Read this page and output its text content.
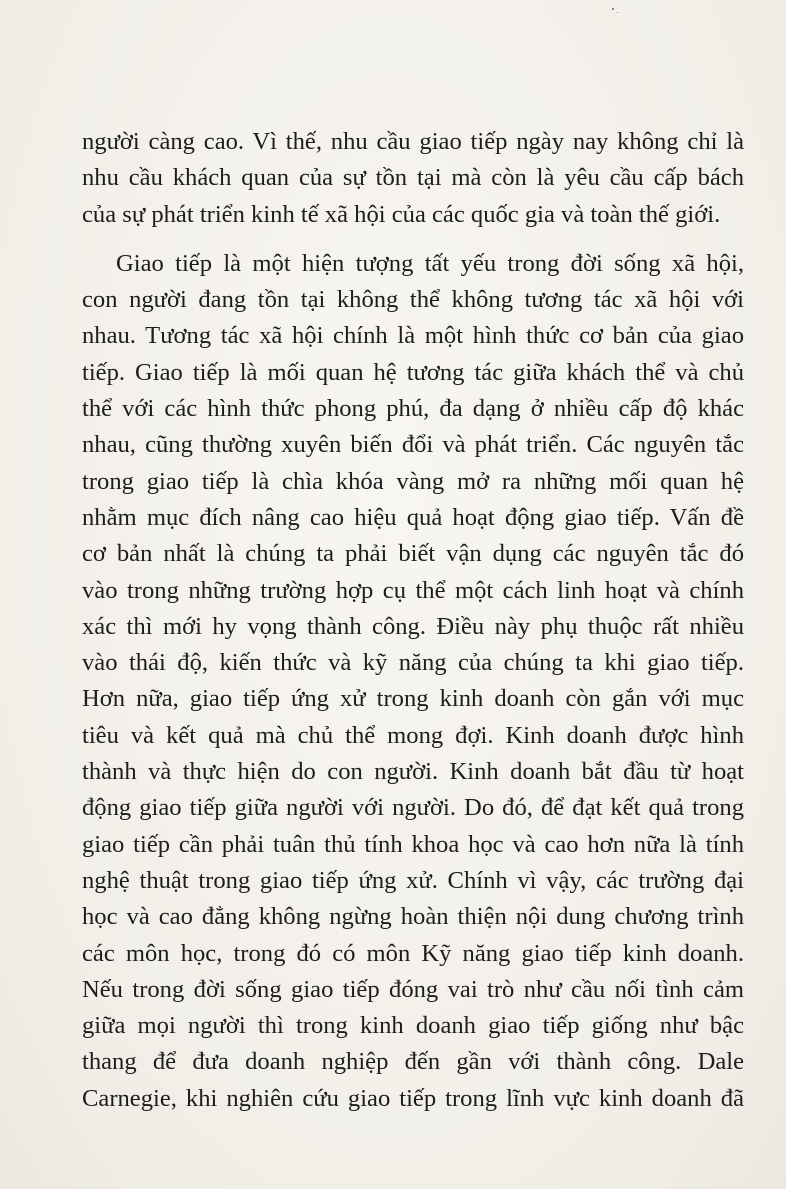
người càng cao. Vì thế, nhu cầu giao tiếp ngày nay không chỉ là
nhu cầu khách quan của sự tồn tại mà còn là yêu cầu cấp bách
của sự phát triển kinh tế xã hội của các quốc gia và toàn thế giới.
Giao tiếp là một hiện tượng tất yếu trong đời sống xã hội,
con người đang tồn tại không thể không tương tác xã hội với
nhau. Tương tác xã hội chính là một hình thức cơ bản của giao
tiếp. Giao tiếp là mối quan hệ tương tác giữa khách thể và chủ
thể với các hình thức phong phú, đa dạng ở nhiều cấp độ khác
nhau, cũng thường xuyên biến đổi và phát triển. Các nguyên tắc
trong giao tiếp là chìa khóa vàng mở ra những mối quan hệ
nhằm mục đích nâng cao hiệu quả hoạt động giao tiếp. Vấn đề
cơ bản nhất là chúng ta phải biết vận dụng các nguyên tắc đó
vào trong những trường hợp cụ thể một cách linh hoạt và chính
xác thì mới hy vọng thành công. Điều này phụ thuộc rất nhiều
vào thái độ, kiến thức và kỹ năng của chúng ta khi giao tiếp.
Hơn nữa, giao tiếp ứng xử trong kinh doanh còn gắn với mục
tiêu và kết quả mà chủ thể mong đợi. Kinh doanh được hình
thành và thực hiện do con người. Kinh doanh bắt đầu từ hoạt
động giao tiếp giữa người với người. Do đó, để đạt kết quả trong
giao tiếp cần phải tuân thủ tính khoa học và cao hơn nữa là tính
nghệ thuật trong giao tiếp ứng xử. Chính vì vậy, các trường đại
học và cao đẳng không ngừng hoàn thiện nội dung chương trình
các môn học, trong đó có môn Kỹ năng giao tiếp kinh doanh.
Nếu trong đời sống giao tiếp đóng vai trò như cầu nối tình cảm
giữa mọi người thì trong kinh doanh giao tiếp giống như bậc
thang để đưa doanh nghiệp đến gần với thành công. Dale
Carnegie, khi nghiên cứu giao tiếp trong lĩnh vực kinh doanh đã
